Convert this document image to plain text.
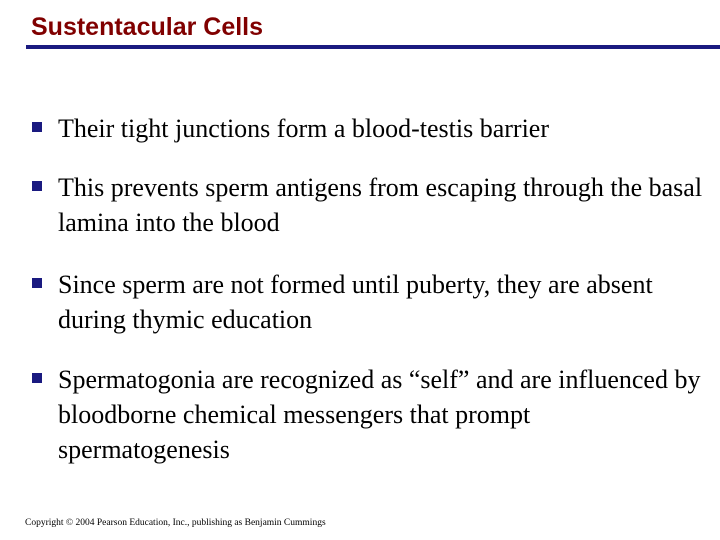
Sustentacular Cells
Their tight junctions form a blood-testis barrier
This prevents sperm antigens from escaping through the basal lamina into the blood
Since sperm are not formed until puberty, they are absent during thymic education
Spermatogonia are recognized as “self” and are influenced by bloodborne chemical messengers that prompt spermatogenesis
Copyright © 2004 Pearson Education, Inc., publishing as Benjamin Cummings
